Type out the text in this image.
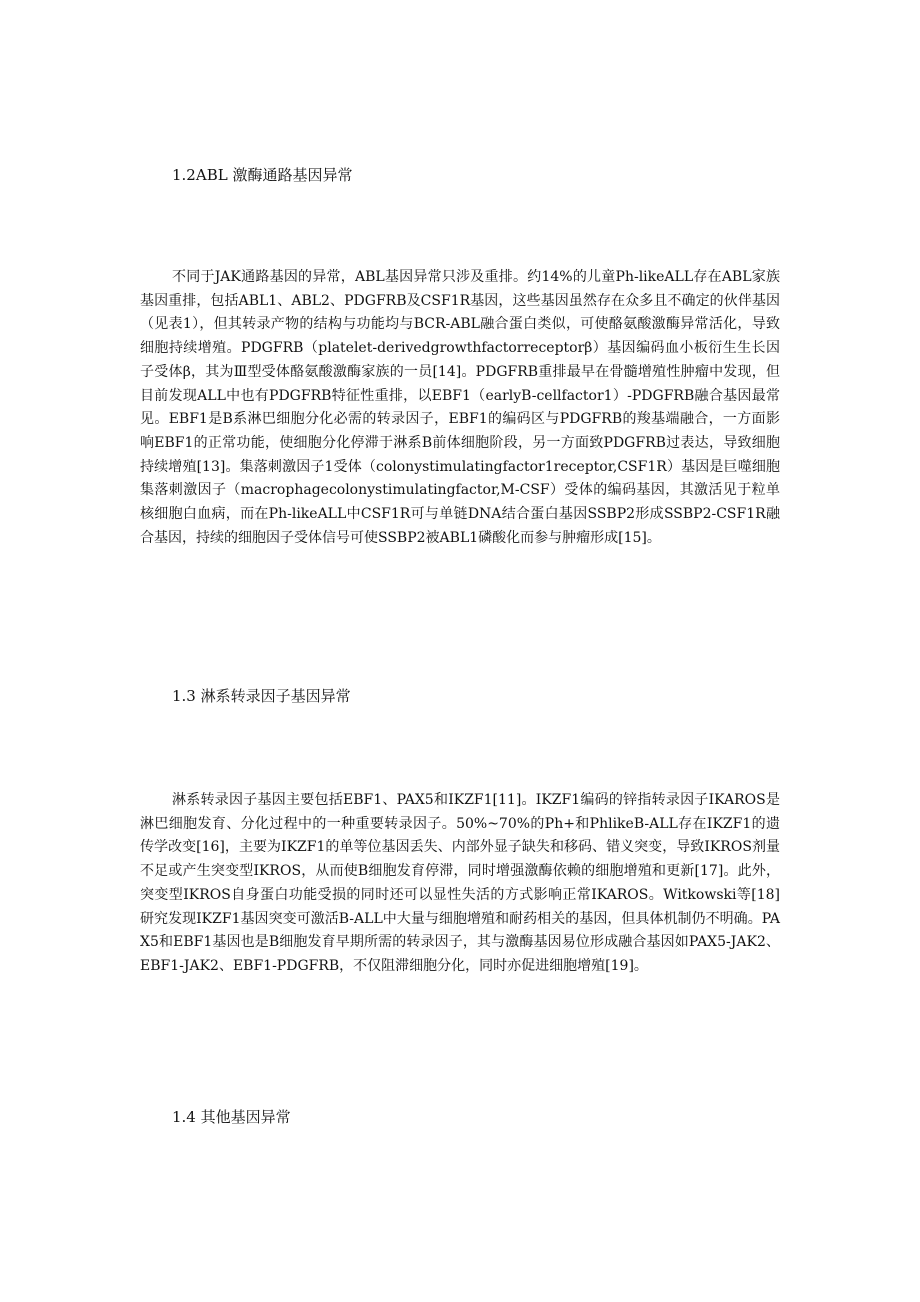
1.2ABL 激酶通路基因异常

不同于JAK通路基因的异常，ABL基因异常只涉及重排。约14%的儿童Ph-likeALL存在ABL家族基因重排，包括ABL1、ABL2、PDGFRB及CSF1R基因，这些基因虽然存在众多且不确定的伙伴基因（见表1），但其转录产物的结构与功能均与BCR-ABL融合蛋白类似，可使酪氨酸激酶异常活化，导致细胞持续增殖。PDGFRB（platelet-derivedgrowthfactorreceptorβ）基因编码血小板衍生生长因子受体β，其为Ⅲ型受体酪氨酸激酶家族的一员[14]。PDGFRB重排最早在骨髓增殖性肿瘤中发现，但目前发现ALL中也有PDGFRB特征性重排，以EBF1（earlyB-cellfactor1）-PDGFRB融合基因最常见。EBF1是B系淋巴细胞分化必需的转录因子，EBF1的编码区与PDGFRB的羧基端融合，一方面影响EBF1的正常功能，使细胞分化停滞于淋系B前体细胞阶段，另一方面致PDGFRB过表达，导致细胞持续增殖[13]。集落刺激因子1受体（colonystimulatingfactor1receptor,CSF1R）基因是巨噬细胞集落刺激因子（macrophagecolonystimulatingfactor,M-CSF）受体的编码基因，其激活见于粒单核细胞白血病，而在Ph-likeALL中CSF1R可与单链DNA结合蛋白基因SSBP2形成SSBP2-CSF1R融合基因，持续的细胞因子受体信号可使SSBP2被ABL1磷酸化而参与肿瘤形成[15]。

1.3 淋系转录因子基因异常

淋系转录因子基因主要包括EBF1、PAX5和IKZF1[11]。IKZF1编码的锌指转录因子IKAROS是淋巴细胞发育、分化过程中的一种重要转录因子。50%~70%的Ph+和PhlikeB-ALL存在IKZF1的遗传学改变[16]，主要为IKZF1的单等位基因丢失、内部外显子缺失和移码、错义突变，导致IKROS剂量不足或产生突变型IKROS，从而使B细胞发育停滞，同时增强激酶依赖的细胞增殖和更新[17]。此外，突变型IKROS自身蛋白功能受损的同时还可以显性失活的方式影响正常IKAROS。Witkowski等[18]研究发现IKZF1基因突变可激活B-ALL中大量与细胞增殖和耐药相关的基因，但具体机制仍不明确。PAX5和EBF1基因也是B细胞发育早期所需的转录因子，其与激酶基因易位形成融合基因如PAX5-JAK2、EBF1-JAK2、EBF1-PDGFRB，不仅阻滞细胞分化，同时亦促进细胞增殖[19]。

1.4 其他基因异常
